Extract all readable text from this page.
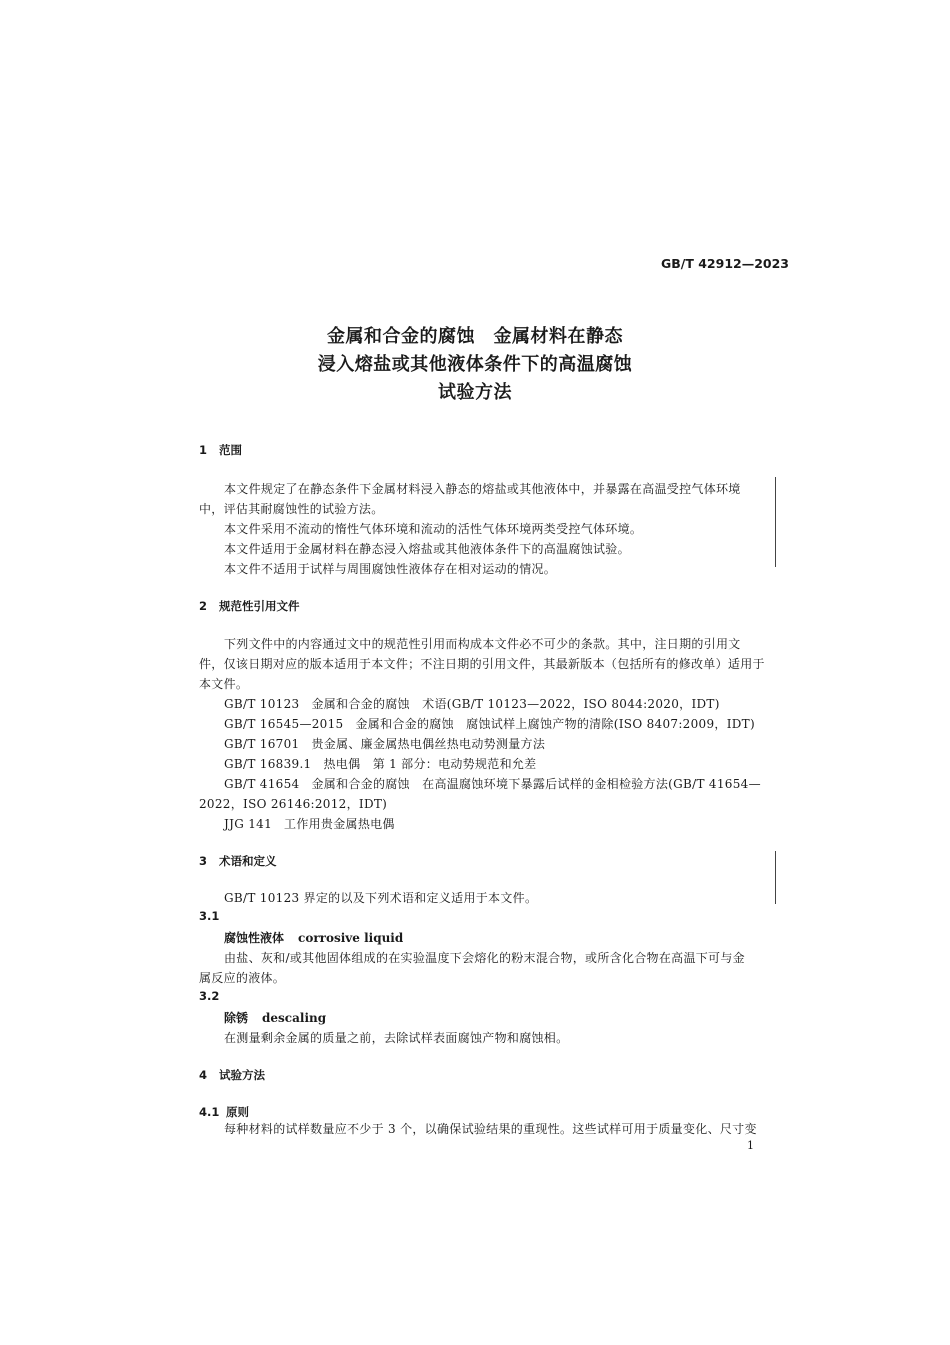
GB/T 42912—2023
金属和合金的腐蚀　金属材料在静态
浸入熔盐或其他液体条件下的高温腐蚀
试验方法
1 范围
本文件规定了在静态条件下金属材料浸入静态的熔盐或其他液体中，并暴露在高温受控气体环境
中，评估其耐腐蚀性的试验方法。
本文件采用不流动的惰性气体环境和流动的活性气体环境两类受控气体环境。
本文件适用于金属材料在静态浸入熔盐或其他液体条件下的高温腐蚀试验。
本文件不适用于试样与周围腐蚀性液体存在相对运动的情况。
2 规范性引用文件
下列文件中的内容通过文中的规范性引用而构成本文件必不可少的条款。其中，注日期的引用文
件，仅该日期对应的版本适用于本文件；不注日期的引用文件，其最新版本（包括所有的修改单）适用于
本文件。
GB/T 10123 金属和合金的腐蚀　术语(GB/T 10123—2022，ISO 8044:2020，IDT)
GB/T 16545—2015 金属和合金的腐蚀　腐蚀试样上腐蚀产物的清除(ISO 8407:2009，IDT)
GB/T 16701 贵金属、廉金属热电偶丝热电动势测量方法
GB/T 16839.1 热电偶　第 1 部分：电动势规范和允差
GB/T 41654 金属和合金的腐蚀　在高温腐蚀环境下暴露后试样的金相检验方法(GB/T 41654—
2022，ISO 26146:2012，IDT)
JJG 141 工作用贵金属热电偶
3 术语和定义
GB/T 10123 界定的以及下列术语和定义适用于本文件。
3.1
腐蚀性液体 corrosive liquid
由盐、灰和/或其他固体组成的在实验温度下会熔化的粉末混合物，或所含化合物在高温下可与金
属反应的液体。
3.2
除锈 descaling
在测量剩余金属的质量之前，去除试样表面腐蚀产物和腐蚀相。
4 试验方法
4.1 原则
每种材料的试样数量应不少于 3 个，以确保试验结果的重现性。这些试样可用于质量变化、尺寸变
1
